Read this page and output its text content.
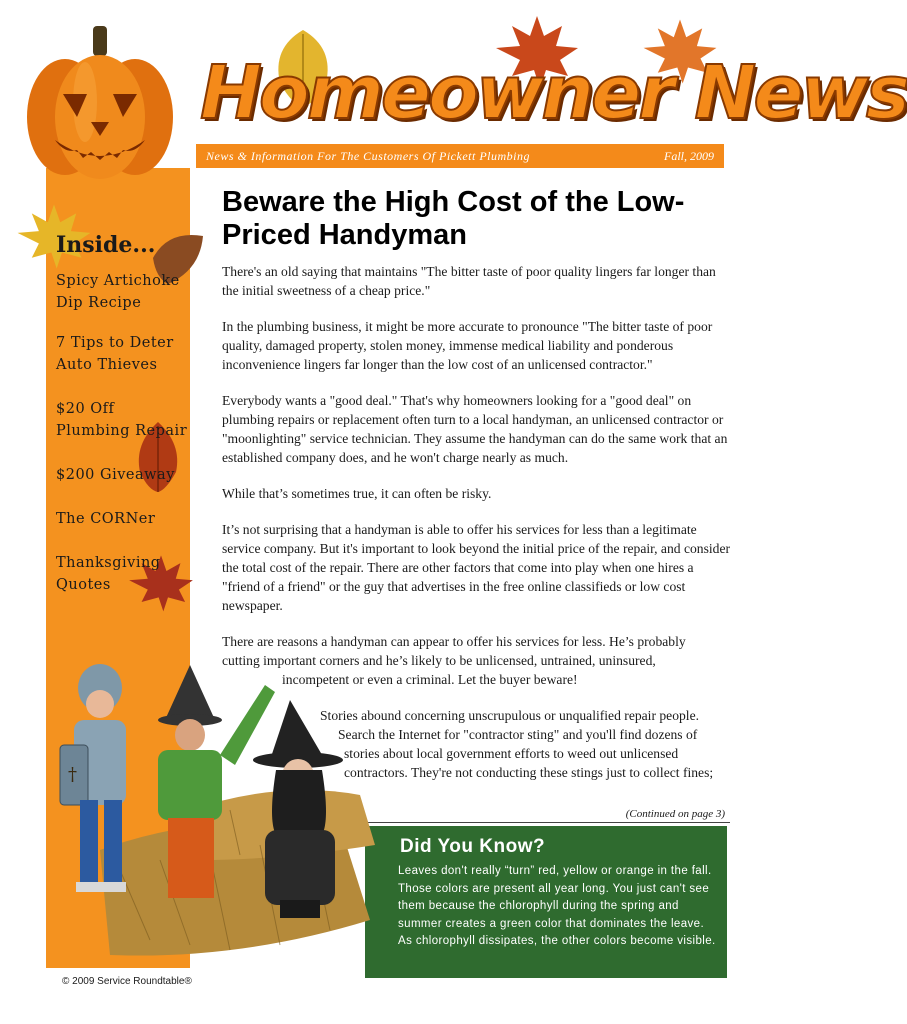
Homeowner News
News & Information For The Customers Of Pickett Plumbing	Fall, 2009
Inside...
Spicy Artichoke Dip Recipe
7 Tips to Deter Auto Thieves
$20 Off Plumbing Repair
$200 Giveaway
The CORNer
Thanksgiving Quotes
Beware the High Cost of the Low-Priced Handyman

There's an old saying that maintains "The bitter taste of poor quality lingers far longer than the initial sweetness of a cheap price."

In the plumbing business, it might be more accurate to pronounce "The bitter taste of poor quality, damaged property, stolen money, immense medical liability and ponderous inconvenience lingers far longer than the low cost of an unlicensed contractor."

Everybody wants a "good deal." That's why homeowners looking for a "good deal" on plumbing repairs or replacement often turn to a local handyman, an unlicensed contractor or "moonlighting" service technician. They assume the handyman can do the same work that an established company does, and he won't charge nearly as much.

While that’s sometimes true, it can often be risky.

It’s not surprising that a handyman is able to offer his services for less than a legitimate service company. But it's important to look beyond the initial price of the repair, and consider the total cost of the repair. There are other factors that come into play when one hires a "friend of a friend" or the guy that advertises in the free online classifieds or low cost newspaper.

There are reasons a handyman can appear to offer his services for less. He’s probably
cutting important corners and he’s likely to be unlicensed, untrained, uninsured,
incompetent or even a criminal. Let the buyer beware!

Stories abound concerning unscrupulous or unqualified repair people.
Search the Internet for "contractor sting" and you'll find dozens of
stories about local government efforts to weed out unlicensed
contractors. They're not conducting these stings just to collect fines;
(Continued on page 3)
Did You Know?
Leaves don't really “turn” red, yellow or orange in the fall. Those colors are present all year long. You just can't see them because the chlorophyll during the spring and summer creates a green color that dominates the leave. As chlorophyll dissipates, the other colors become visible.
†
© 2009 Service Roundtable®
